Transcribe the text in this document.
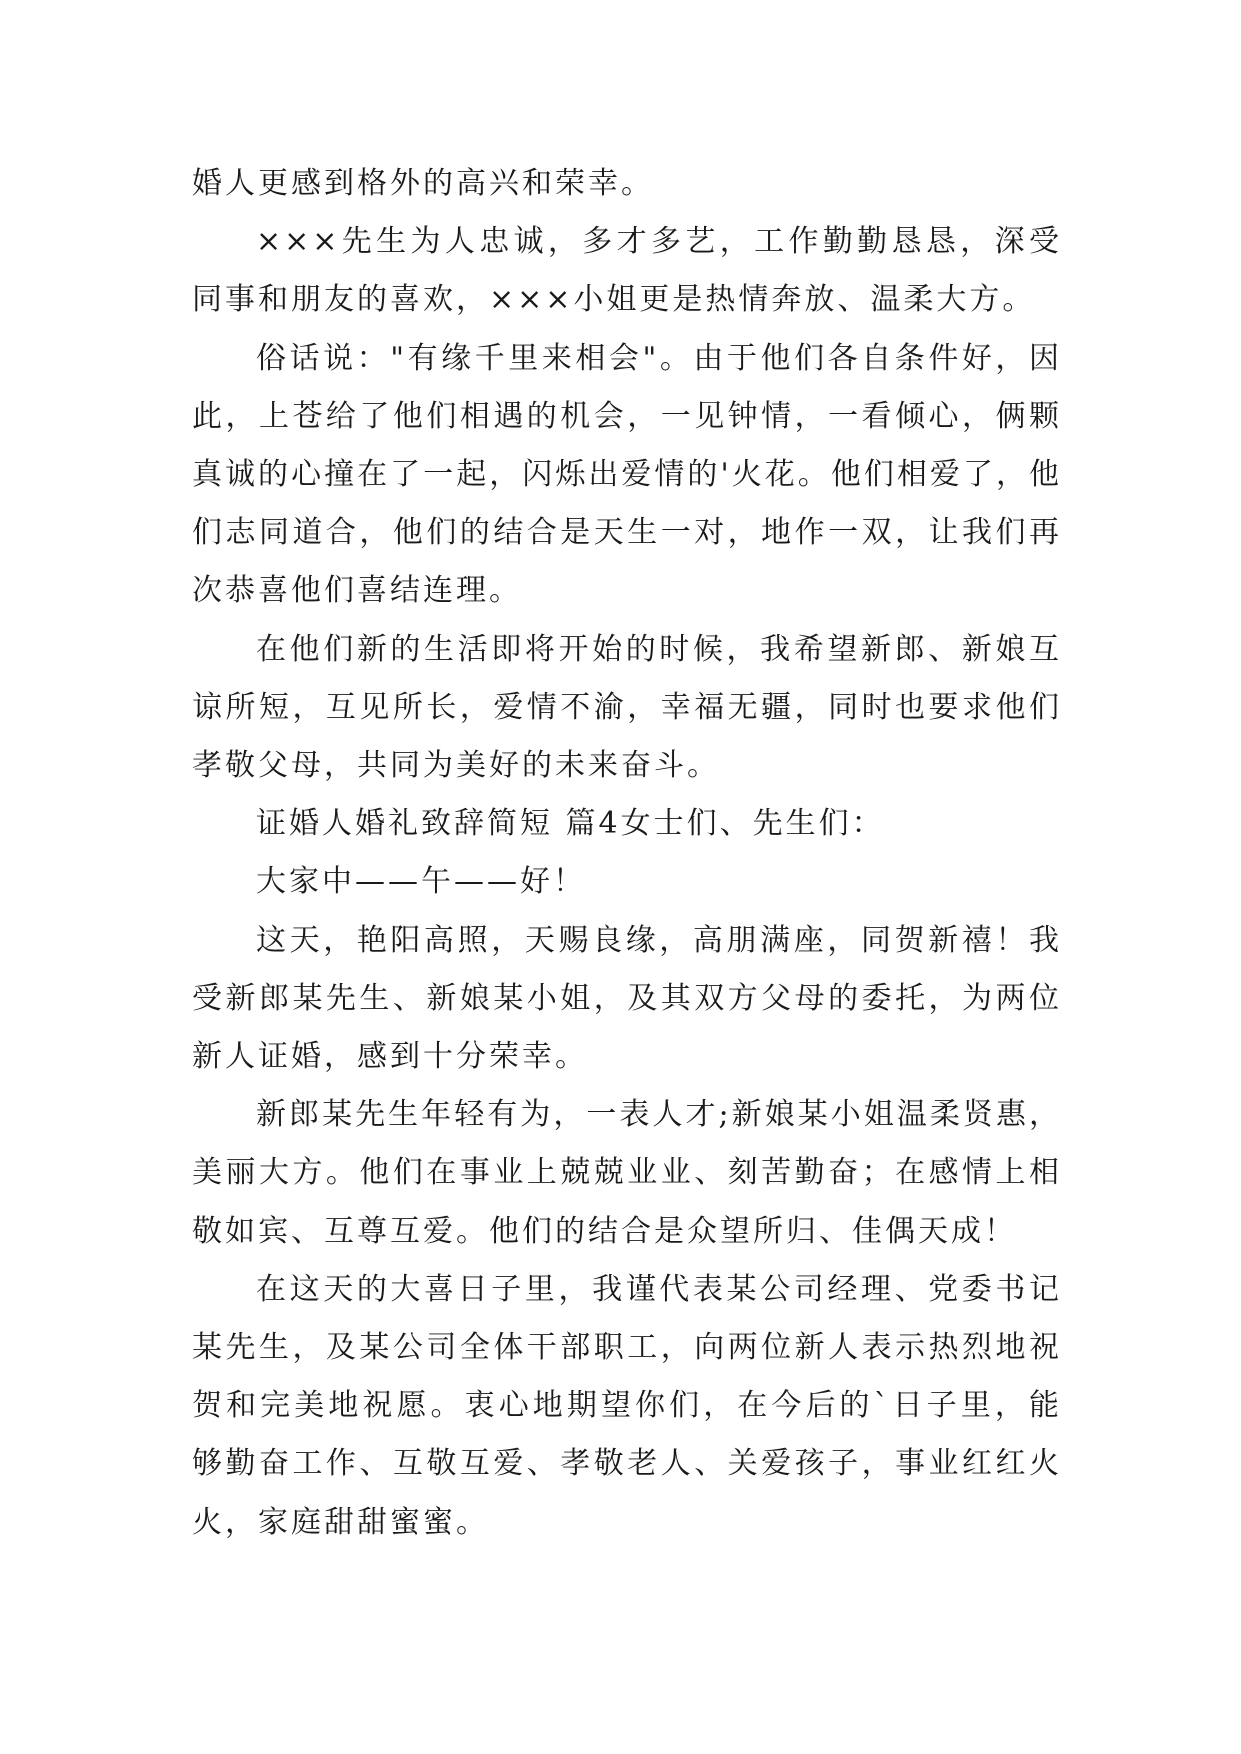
婚人更感到格外的高兴和荣幸。

×××先生为人忠诚，多才多艺，工作勤勤恳恳，深受同事和朋友的喜欢，×××小姐更是热情奔放、温柔大方。

俗话说："有缘千里来相会"。由于他们各自条件好，因此，上苍给了他们相遇的机会，一见钟情，一看倾心，俩颗真诚的心撞在了一起，闪烁出爱情的'火花。他们相爱了，他们志同道合，他们的结合是天生一对，地作一双，让我们再次恭喜他们喜结连理。

在他们新的生活即将开始的时候，我希望新郎、新娘互谅所短，互见所长，爱情不渝，幸福无疆，同时也要求他们孝敬父母，共同为美好的未来奋斗。

证婚人婚礼致辞简短 篇4女士们、先生们：

大家中——午——好！

这天，艳阳高照，天赐良缘，高朋满座，同贺新禧！我受新郎某先生、新娘某小姐，及其双方父母的委托，为两位新人证婚，感到十分荣幸。

新郎某先生年轻有为，一表人才;新娘某小姐温柔贤惠，美丽大方。他们在事业上兢兢业业、刻苦勤奋；在感情上相敬如宾、互尊互爱。他们的结合是众望所归、佳偶天成！

在这天的大喜日子里，我谨代表某公司经理、党委书记某先生，及某公司全体干部职工，向两位新人表示热烈地祝贺和完美地祝愿。衷心地期望你们，在今后的`日子里，能够勤奋工作、互敬互爱、孝敬老人、关爱孩子，事业红红火火，家庭甜甜蜜蜜。
